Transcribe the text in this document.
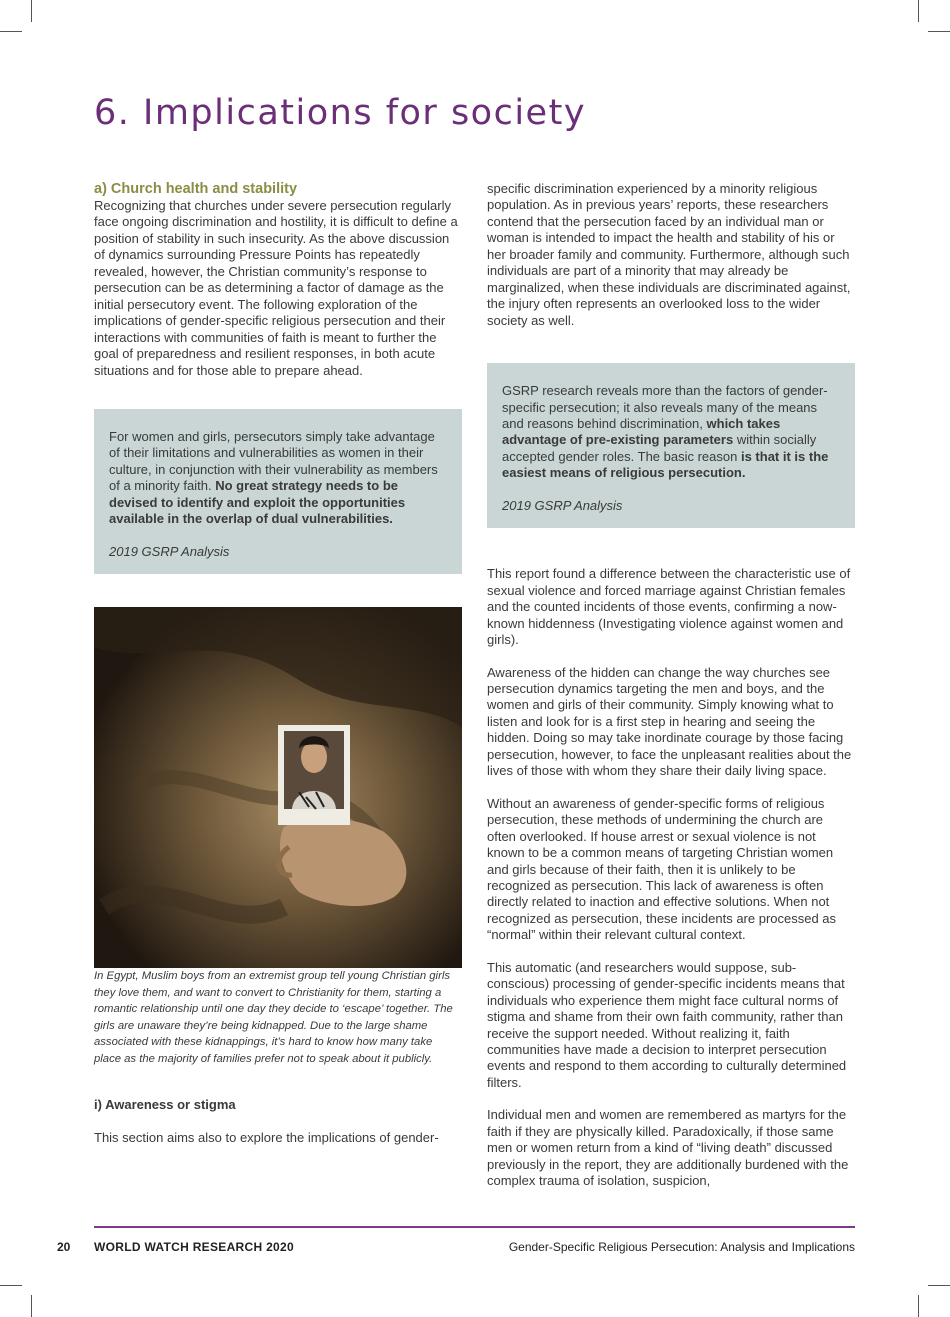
6. Implications for society

a) Church health and stability

Recognizing that churches under severe persecution regularly face ongoing discrimination and hostility, it is difficult to define a position of stability in such insecurity. As the above discussion of dynamics surrounding Pressure Points has repeatedly revealed, however, the Christian community’s response to persecution can be as determining a factor of damage as the initial persecutory event. The following exploration of the implications of gender-specific religious persecution and their interactions with communities of faith is meant to further the goal of preparedness and resilient responses, in both acute situations and for those able to prepare ahead.

For women and girls, persecutors simply take advantage of their limitations and vulnerabilities as women in their culture, in conjunction with their vulnerability as members of a minority faith. No great strategy needs to be devised to identify and exploit the opportunities available in the overlap of dual vulnerabilities.
2019 GSRP Analysis

In Egypt, Muslim boys from an extremist group tell young Christian girls they love them, and want to convert to Christianity for them, starting a romantic relationship until one day they decide to ‘escape’ together. The girls are unaware they’re being kidnapped. Due to the large shame associated with these kidnappings, it’s hard to know how many take place as the majority of families prefer not to speak about it publicly.

i) Awareness or stigma

This section aims also to explore the implications of gender-

specific discrimination experienced by a minority religious population. As in previous years’ reports, these researchers contend that the persecution faced by an individual man or woman is intended to impact the health and stability of his or her broader family and community. Furthermore, although such individuals are part of a minority that may already be marginalized, when these individuals are discriminated against, the injury often represents an overlooked loss to the wider society as well.

GSRP research reveals more than the factors of gender-specific persecution; it also reveals many of the means and reasons behind discrimination, which takes advantage of pre-existing parameters within socially accepted gender roles. The basic reason is that it is the easiest means of religious persecution.
2019 GSRP Analysis

This report found a difference between the characteristic use of sexual violence and forced marriage against Christian females and the counted incidents of those events, confirming a now-known hiddenness (Investigating violence against women and girls).

Awareness of the hidden can change the way churches see persecution dynamics targeting the men and boys, and the women and girls of their community. Simply knowing what to listen and look for is a first step in hearing and seeing the hidden. Doing so may take inordinate courage by those facing persecution, however, to face the unpleasant realities about the lives of those with whom they share their daily living space.

Without an awareness of gender-specific forms of religious persecution, these methods of undermining the church are often overlooked. If house arrest or sexual violence is not known to be a common means of targeting Christian women and girls because of their faith, then it is unlikely to be recognized as persecution. This lack of awareness is often directly related to inaction and effective solutions. When not recognized as persecution, these incidents are processed as “normal” within their relevant cultural context.

This automatic (and researchers would suppose, sub-conscious) processing of gender-specific incidents means that individuals who experience them might face cultural norms of stigma and shame from their own faith community, rather than receive the support needed. Without realizing it, faith communities have made a decision to interpret persecution events and respond to them according to culturally determined filters.

Individual men and women are remembered as martyrs for the faith if they are physically killed. Paradoxically, if those same men or women return from a kind of “living death” discussed previously in the report, they are additionally burdened with the complex trauma of isolation, suspicion,

20 WORLD WATCH RESEARCH 2020	Gender-Specific Religious Persecution: Analysis and Implications
